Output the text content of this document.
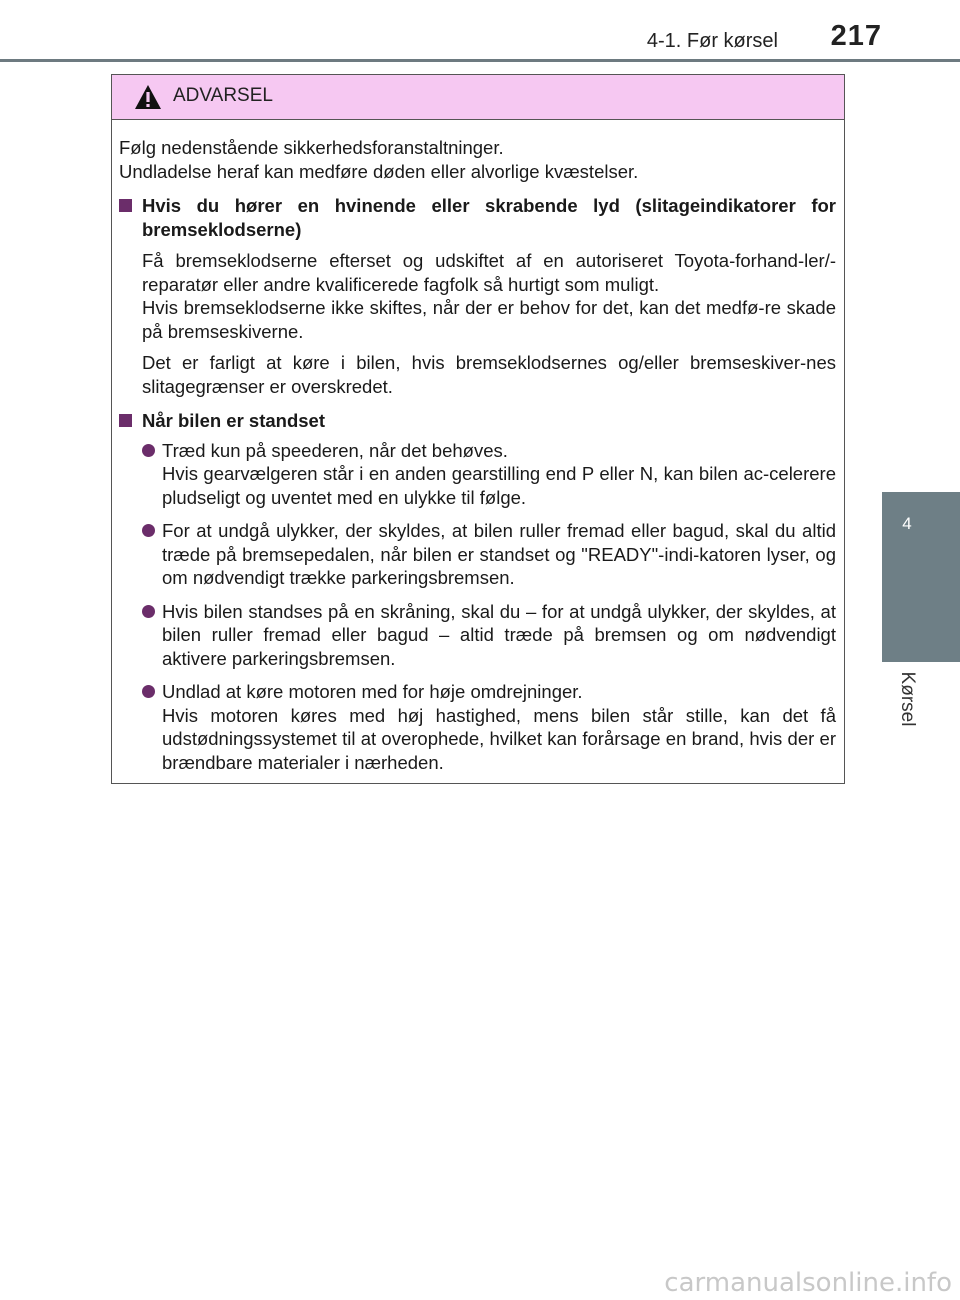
4-1. Før kørsel 217
4
Kørsel
ADVARSEL

Følg nedenstående sikkerhedsforanstaltninger.

Undladelse heraf kan medføre døden eller alvorlige kvæstelser.

Hvis du hører en hvinende eller skrabende lyd (slitageindikatorer for bremseklodserne)
Få bremseklodserne efterset og udskiftet af en autoriseret Toyota-forhand-ler/-reparatør eller andre kvalificerede fagfolk så hurtigt som muligt.
Hvis bremseklodserne ikke skiftes, når der er behov for det, kan det medfø-re skade på bremseskiverne.
Det er farligt at køre i bilen, hvis bremseklodsernes og/eller bremseskiver-nes slitagegrænser er overskredet.
Når bilen er standset
Træd kun på speederen, når det behøves.
Hvis gearvælgeren står i en anden gearstilling end P eller N, kan bilen ac-celerere pludseligt og uventet med en ulykke til følge.
For at undgå ulykker, der skyldes, at bilen ruller fremad eller bagud, skal du altid træde på bremsepedalen, når bilen er standset og "READY"-indi-katoren lyser, og om nødvendigt trække parkeringsbremsen.
Hvis bilen standses på en skråning, skal du – for at undgå ulykker, der skyldes, at bilen ruller fremad eller bagud – altid træde på bremsen og om nødvendigt aktivere parkeringsbremsen.
Undlad at køre motoren med for høje omdrejninger.
Hvis motoren køres med høj hastighed, mens bilen står stille, kan det få udstødningssystemet til at overophede, hvilket kan forårsage en brand, hvis der er brændbare materialer i nærheden.
carmanualsonline.info
